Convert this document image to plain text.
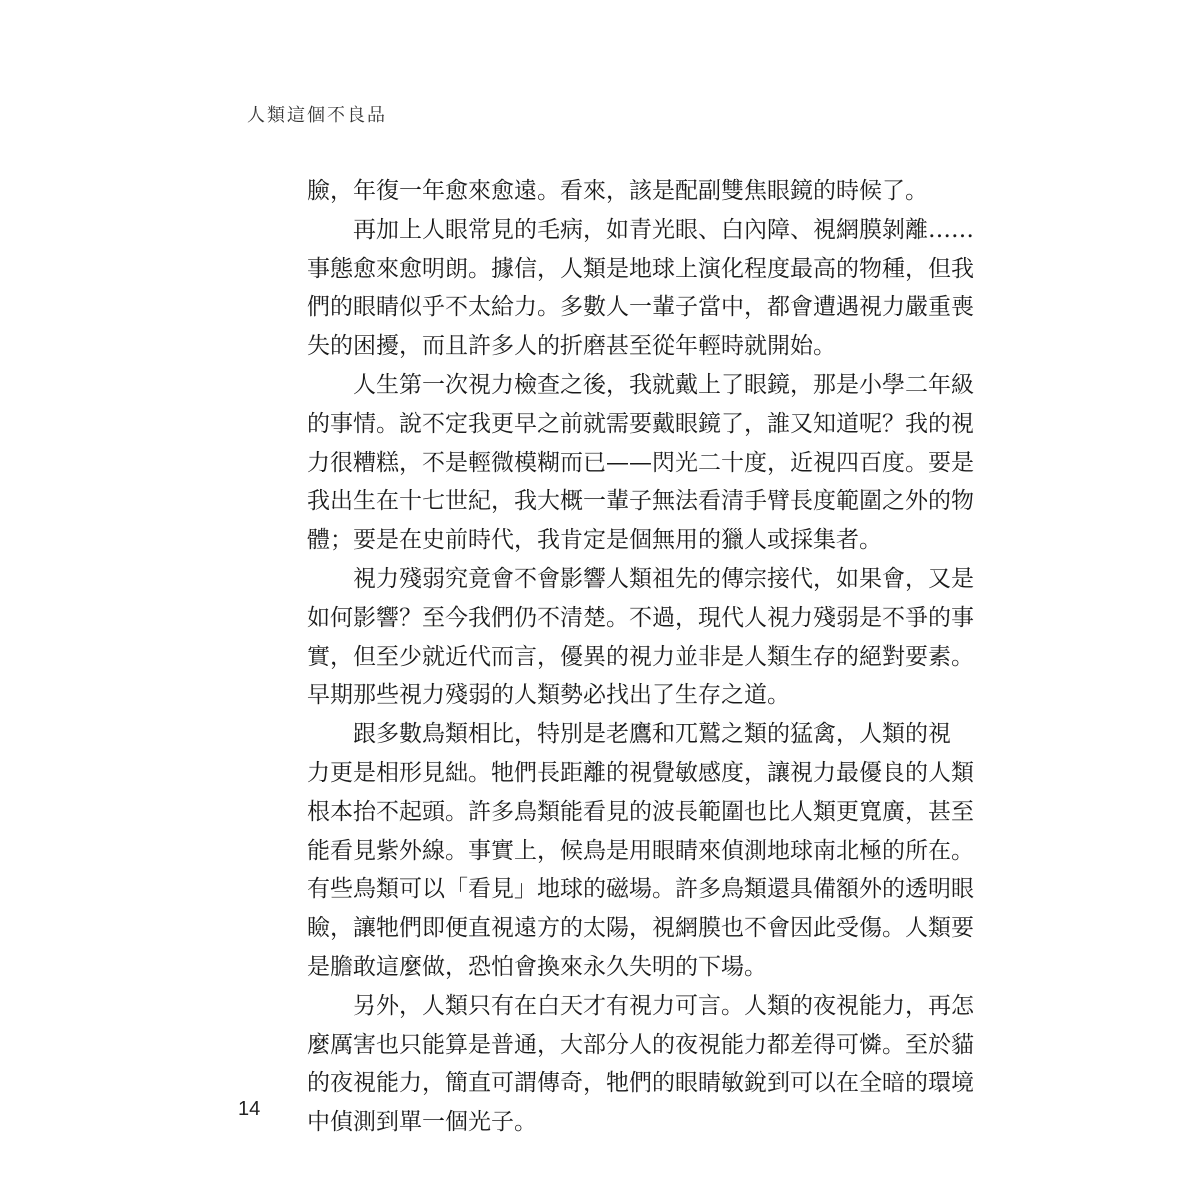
人類這個不良品
臉，年復一年愈來愈遠。看來，該是配副雙焦眼鏡的時候了。
再加上人眼常見的毛病，如青光眼、白內障、視網膜剝離……
事態愈來愈明朗。據信，人類是地球上演化程度最高的物種，但我
們的眼睛似乎不太給力。多數人一輩子當中，都會遭遇視力嚴重喪
失的困擾，而且許多人的折磨甚至從年輕時就開始。
人生第一次視力檢查之後，我就戴上了眼鏡，那是小學二年級
的事情。說不定我更早之前就需要戴眼鏡了，誰又知道呢？我的視
力很糟糕，不是輕微模糊而已——閃光二十度，近視四百度。要是
我出生在十七世紀，我大概一輩子無法看清手臂長度範圍之外的物
體；要是在史前時代，我肯定是個無用的獵人或採集者。
視力殘弱究竟會不會影響人類祖先的傳宗接代，如果會，又是
如何影響？至今我們仍不清楚。不過，現代人視力殘弱是不爭的事
實，但至少就近代而言，優異的視力並非是人類生存的絕對要素。
早期那些視力殘弱的人類勢必找出了生存之道。
跟多數鳥類相比，特別是老鷹和兀鷲之類的猛禽，人類的視
力更是相形見絀。牠們長距離的視覺敏感度，讓視力最優良的人類
根本抬不起頭。許多鳥類能看見的波長範圍也比人類更寬廣，甚至
能看見紫外線。事實上，候鳥是用眼睛來偵測地球南北極的所在。
有些鳥類可以「看見」地球的磁場。許多鳥類還具備額外的透明眼
瞼，讓牠們即便直視遠方的太陽，視網膜也不會因此受傷。人類要
是膽敢這麼做，恐怕會換來永久失明的下場。
另外，人類只有在白天才有視力可言。人類的夜視能力，再怎
麼厲害也只能算是普通，大部分人的夜視能力都差得可憐。至於貓
的夜視能力，簡直可謂傳奇，牠們的眼睛敏銳到可以在全暗的環境
中偵測到單一個光子。
14
